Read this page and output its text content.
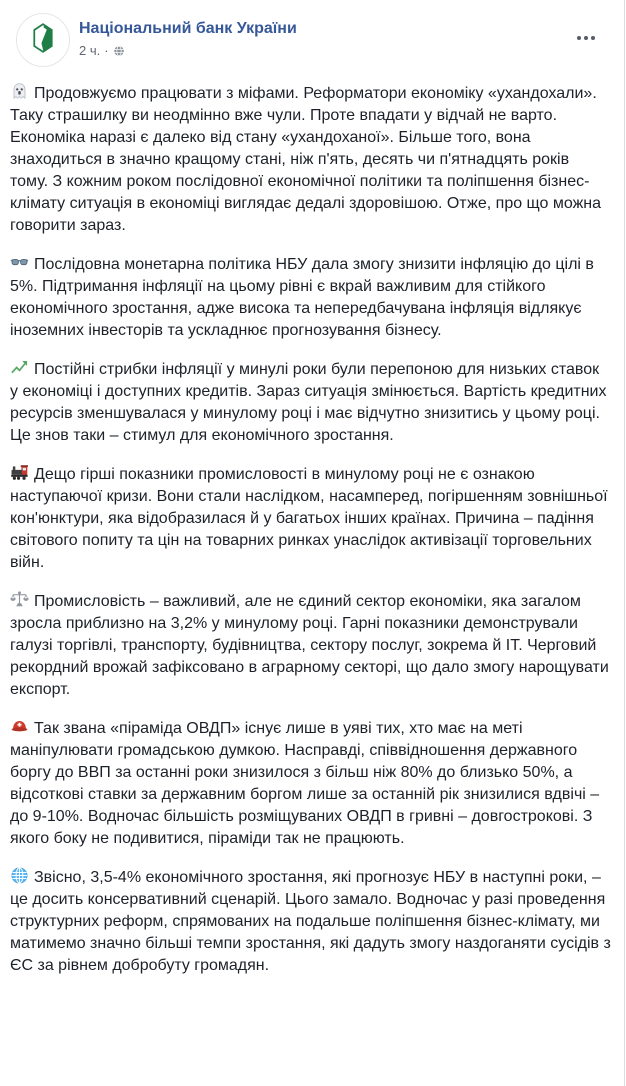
Національний банк України
2 ч. ·

Продовжуємо працювати з міфами. Реформатори економіку «ухандохали». Таку страшилку ви неодмінно вже чули. Проте впадати у відчай не варто. Економіка наразі є далеко від стану «ухандоханої». Більше того, вона знаходиться в значно кращому стані, ніж п'ять, десять чи п'ятнадцять років тому. З кожним роком послідовної економічної політики та поліпшення бізнес-клімату ситуація в економіці виглядає дедалі здоровішою. Отже, про що можна говорити зараз.

Послідовна монетарна політика НБУ дала змогу знизити інфляцію до цілі в 5%. Підтримання інфляції на цьому рівні є вкрай важливим для стійкого економічного зростання, адже висока та непередбачувана інфляція відлякує іноземних інвесторів та ускладнює прогнозування бізнесу.

Постійні стрибки інфляції у минулі роки були перепоною для низьких ставок у економіці і доступних кредитів. Зараз ситуація змінюється. Вартість кредитних ресурсів зменшувалася у минулому році і має відчутно знизитись у цьому році. Це знов таки – стимул для економічного зростання.

Дещо гірші показники промисловості в минулому році не є ознакою наступаючої кризи. Вони стали наслідком, насамперед, погіршенням зовнішньої кон'юнктури, яка відобразилася й у багатьох інших країнах. Причина – падіння світового попиту та цін на товарних ринках унаслідок активізації торговельних війн.

Промисловість – важливий, але не єдиний сектор економіки, яка загалом зросла приблизно на 3,2% у минулому році. Гарні показники демонстрували галузі торгівлі, транспорту, будівництва, сектору послуг, зокрема й ІТ. Черговий рекордний врожай зафіксовано в аграрному секторі, що дало змогу нарощувати експорт.

Так звана «піраміда ОВДП» існує лише в уяві тих, хто має на меті маніпулювати громадською думкою. Насправді, співвідношення державного боргу до ВВП за останні роки знизилося з більш ніж 80% до близько 50%, а відсоткові ставки за державним боргом лише за останній рік знизилися вдвічі – до 9-10%. Водночас більшість розміщуваних ОВДП в гривні – довгострокові. З якого боку не подивитися, піраміди так не працюють.

Звісно, 3,5-4% економічного зростання, які прогнозує НБУ в наступні роки, – це досить консервативний сценарій. Цього замало. Водночас у разі проведення структурних реформ, спрямованих на подальше поліпшення бізнес-клімату, ми матимемо значно більші темпи зростання, які дадуть змогу наздоганяти сусідів з ЄС за рівнем добробуту громадян.
